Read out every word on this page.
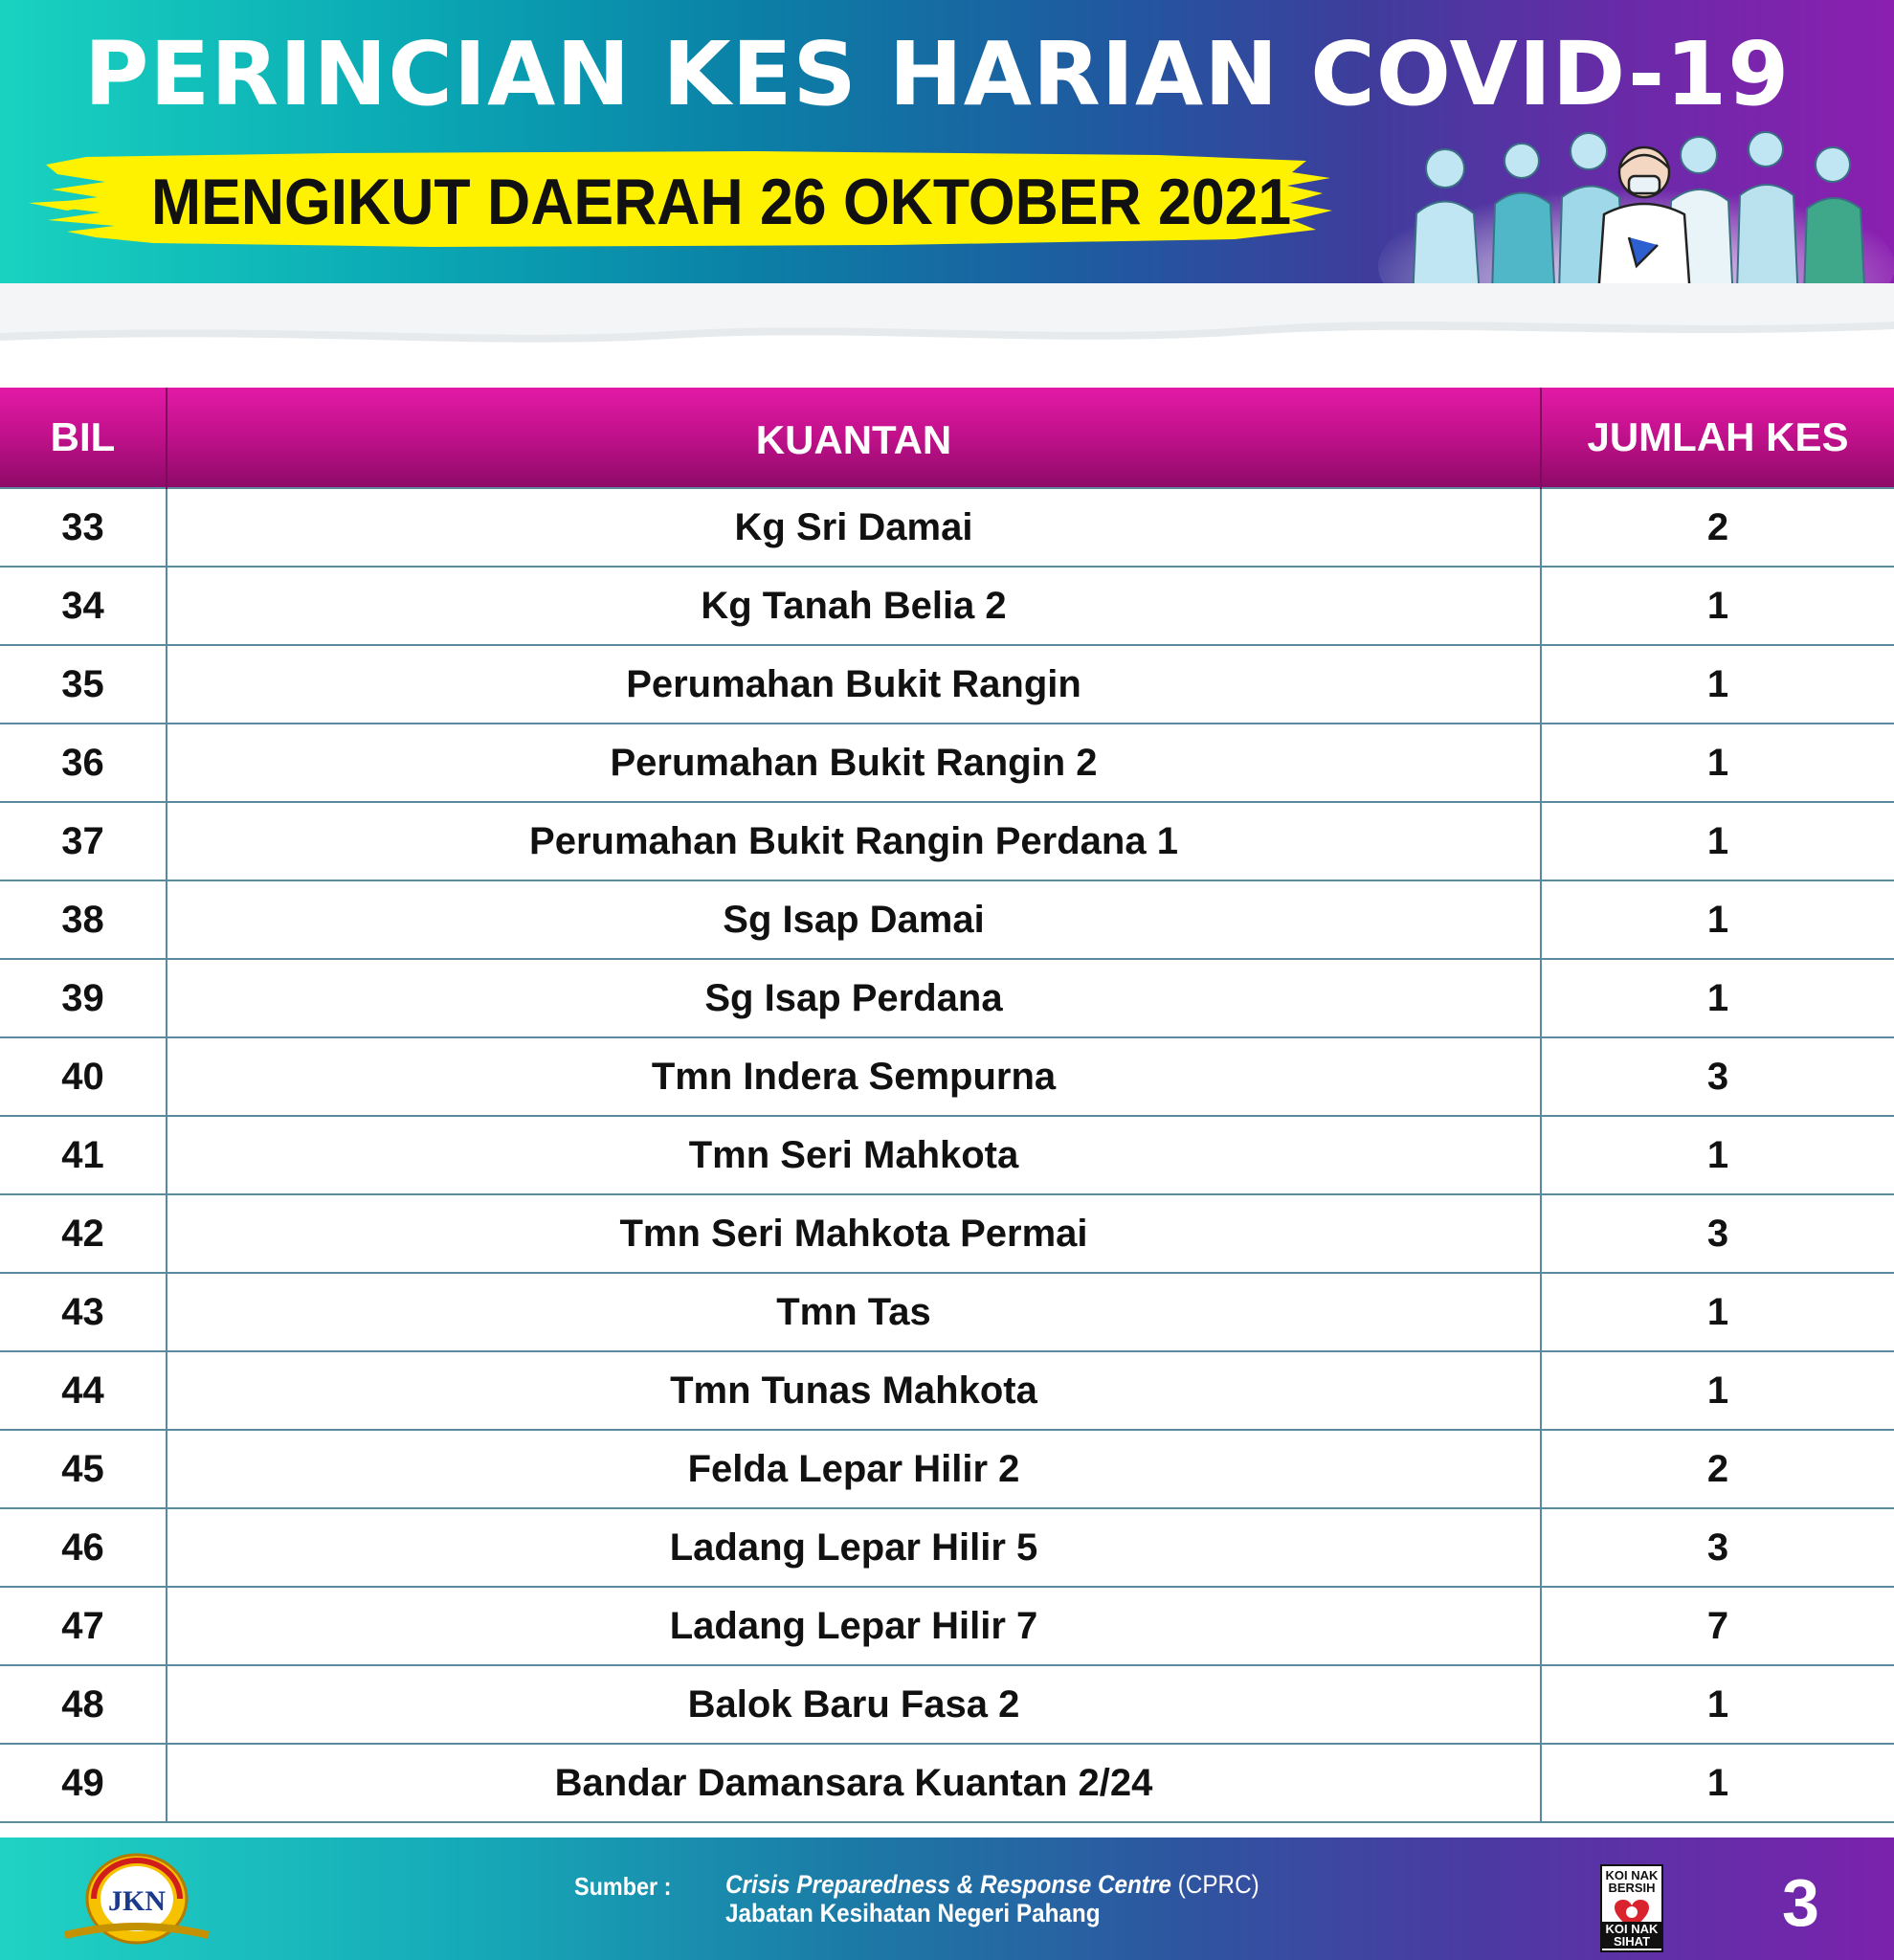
PERINCIAN KES HARIAN COVID-19
MENGIKUT DAERAH 26 OKTOBER 2021
BIL	KUANTAN	JUMLAH KES
33	Kg Sri Damai	2
34	Kg Tanah Belia 2	1
35	Perumahan Bukit Rangin	1
36	Perumahan Bukit Rangin 2	1
37	Perumahan Bukit Rangin Perdana 1	1
38	Sg Isap Damai	1
39	Sg Isap Perdana	1
40	Tmn Indera Sempurna	3
41	Tmn Seri Mahkota	1
42	Tmn Seri Mahkota Permai	3
43	Tmn Tas	1
44	Tmn Tunas Mahkota	1
45	Felda Lepar Hilir 2	2
46	Ladang Lepar Hilir 5	3
47	Ladang Lepar Hilir 7	7
48	Balok Baru Fasa 2	1
49	Bandar Damansara Kuantan 2/24	1
JKN	Sumber : Crisis Preparedness & Response Centre (CPRC)
Jabatan Kesihatan Negeri Pahang
KOI NAK BERSIH
KOI NAK SIHAT
3
